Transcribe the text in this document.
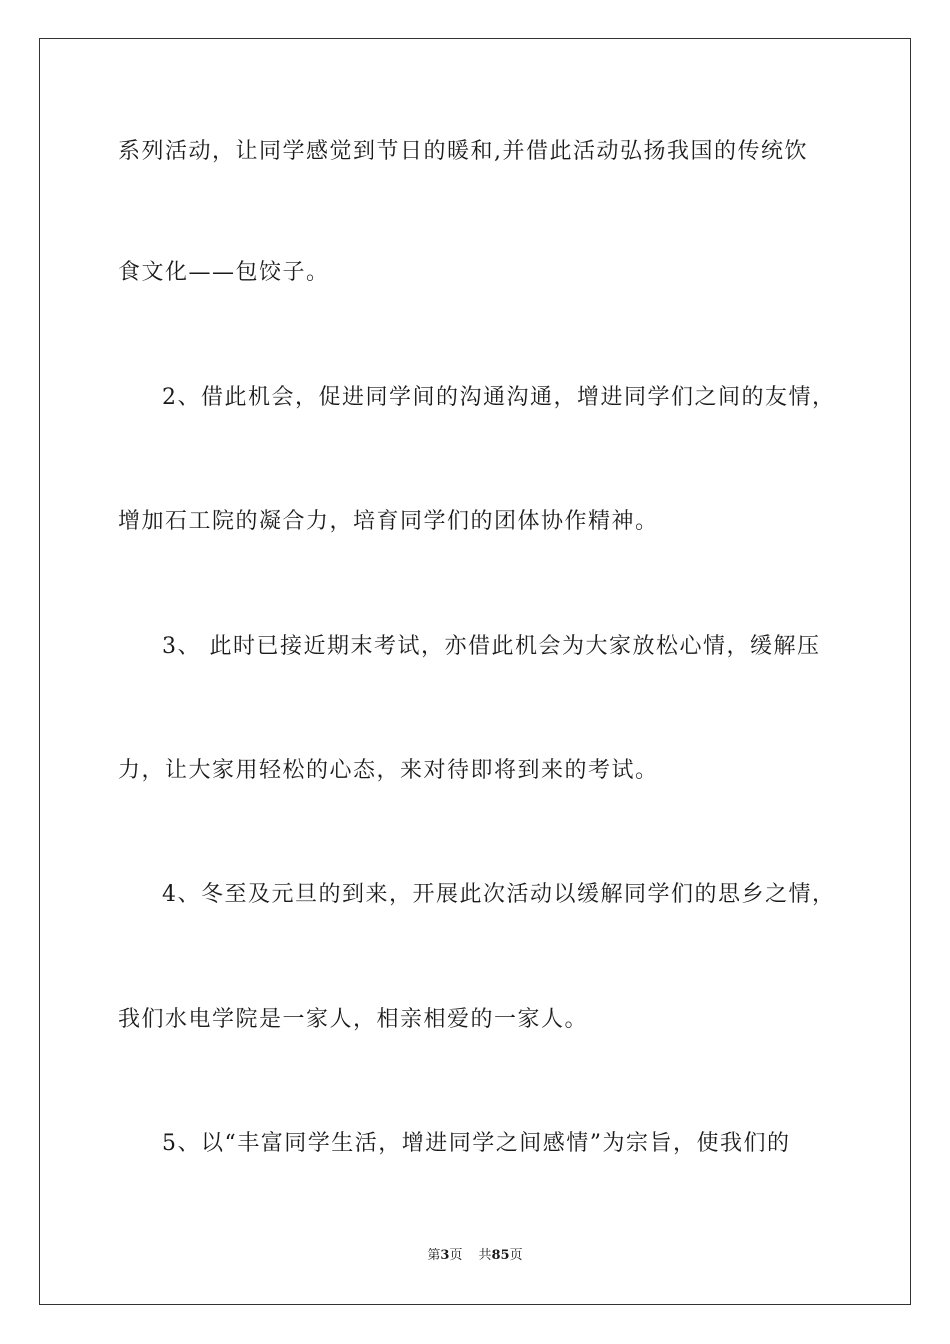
系列活动，让同学感觉到节日的暖和,并借此活动弘扬我国的传统饮
食文化——包饺子。
2、借此机会，促进同学间的沟通沟通，增进同学们之间的友情，
增加石工院的凝合力，培育同学们的团体协作精神。
3、 此时已接近期末考试，亦借此机会为大家放松心情，缓解压
力，让大家用轻松的心态，来对待即将到来的考试。
4、冬至及元旦的到来，开展此次活动以缓解同学们的思乡之情，
我们水电学院是一家人，相亲相爱的一家人。
5、以“丰富同学生活，增进同学之间感情”为宗旨，使我们的
第3页 共85页
